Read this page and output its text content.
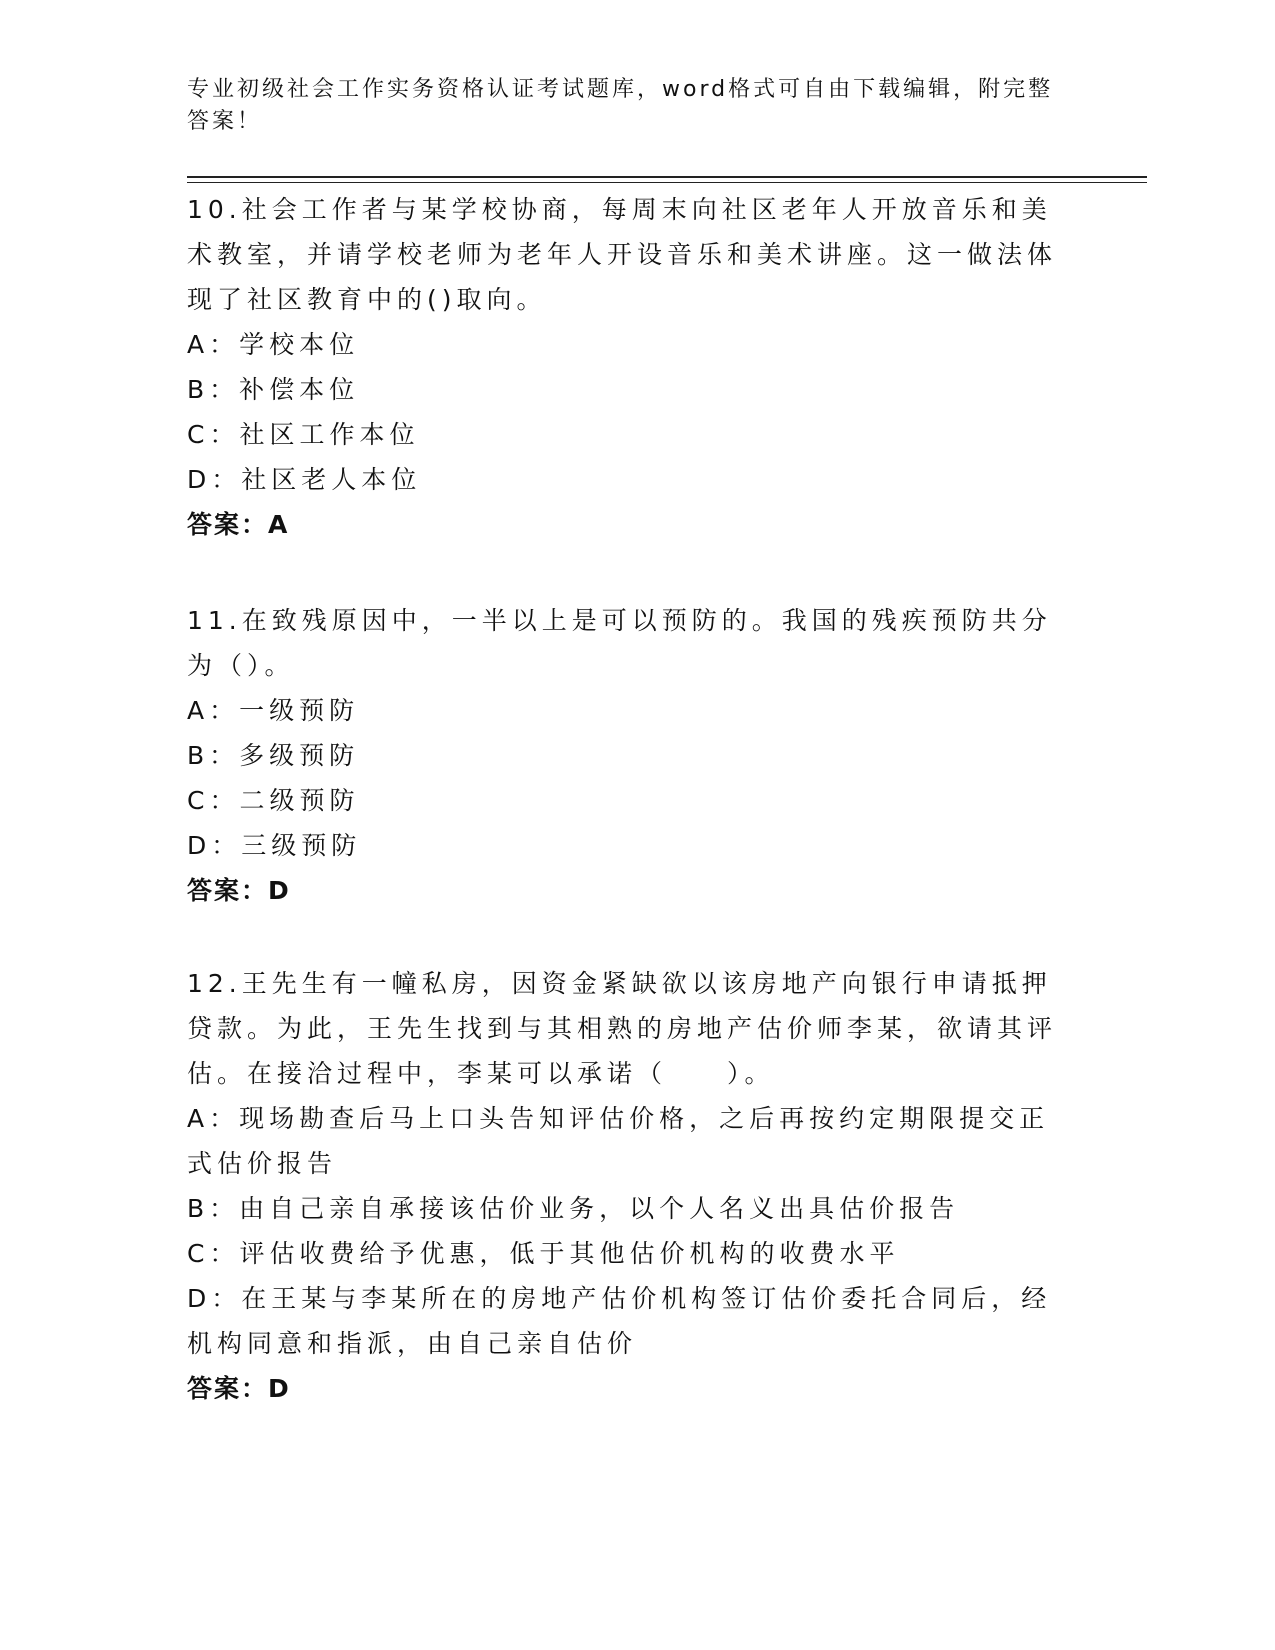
专业初级社会工作实务资格认证考试题库，word格式可自由下载编辑，附完整答案！

10.社会工作者与某学校协商，每周末向社区老年人开放音乐和美术教室，并请学校老师为老年人开设音乐和美术讲座。这一做法体现了社区教育中的()取向。

A：学校本位

B：补偿本位

C：社区工作本位

D：社区老人本位

答案：A

11.在致残原因中，一半以上是可以预防的。我国的残疾预防共分为（）。

A：一级预防

B：多级预防

C：二级预防

D：三级预防

答案：D

12.王先生有一幢私房，因资金紧缺欲以该房地产向银行申请抵押贷款。为此，王先生找到与其相熟的房地产估价师李某，欲请其评估。在接洽过程中，李某可以承诺（　　）。

A：现场勘查后马上口头告知评估价格，之后再按约定期限提交正式估价报告

B：由自己亲自承接该估价业务，以个人名义出具估价报告

C：评估收费给予优惠，低于其他估价机构的收费水平

D：在王某与李某所在的房地产估价机构签订估价委托合同后，经机构同意和指派，由自己亲自估价

答案：D
